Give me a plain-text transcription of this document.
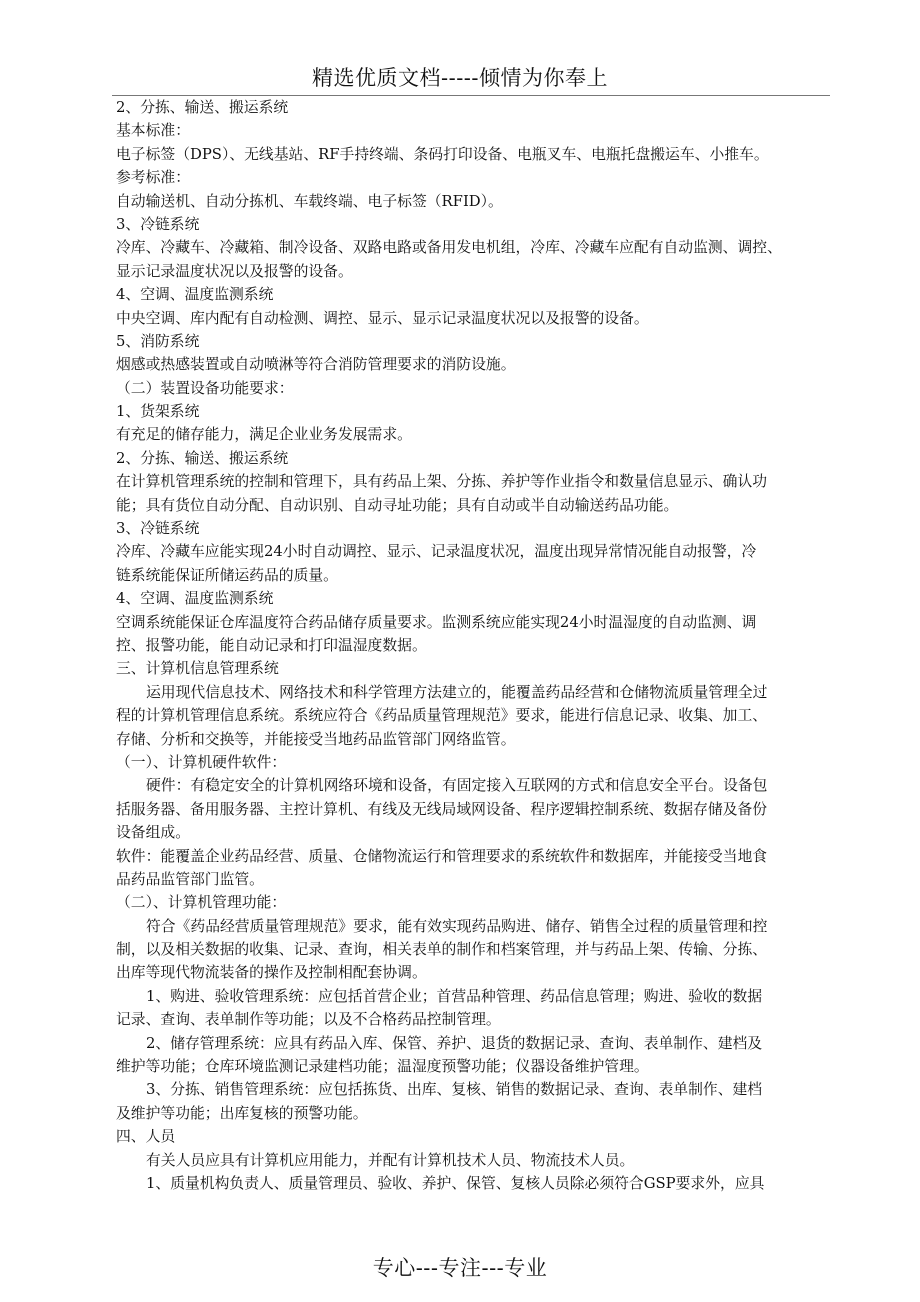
精选优质文档-----倾情为你奉上
2、分拣、输送、搬运系统
基本标准：
电子标签（DPS）、无线基站、RF手持终端、条码打印设备、电瓶叉车、电瓶托盘搬运车、小推车。
参考标准：
自动输送机、自动分拣机、车载终端、电子标签（RFID）。
3、冷链系统
冷库、冷藏车、冷藏箱、制冷设备、双路电路或备用发电机组，冷库、冷藏车应配有自动监测、调控、
显示记录温度状况以及报警的设备。
4、空调、温度监测系统
中央空调、库内配有自动检测、调控、显示、显示记录温度状况以及报警的设备。
5、消防系统
烟感或热感装置或自动喷淋等符合消防管理要求的消防设施。
（二）装置设备功能要求：
1、货架系统
有充足的储存能力，满足企业业务发展需求。
2、分拣、输送、搬运系统
在计算机管理系统的控制和管理下，具有药品上架、分拣、养护等作业指令和数量信息显示、确认功
能；具有货位自动分配、自动识别、自动寻址功能；具有自动或半自动输送药品功能。
3、冷链系统
冷库、冷藏车应能实现24小时自动调控、显示、记录温度状况，温度出现异常情况能自动报警，冷
链系统能保证所储运药品的质量。
4、空调、温度监测系统
空调系统能保证仓库温度符合药品储存质量要求。监测系统应能实现24小时温湿度的自动监测、调
控、报警功能，能自动记录和打印温湿度数据。
三、计算机信息管理系统
运用现代信息技术、网络技术和科学管理方法建立的，能覆盖药品经营和仓储物流质量管理全过
程的计算机管理信息系统。系统应符合《药品质量管理规范》要求，能进行信息记录、收集、加工、
存储、分析和交换等，并能接受当地药品监管部门网络监管。
（一）、计算机硬件软件：
硬件：有稳定安全的计算机网络环境和设备，有固定接入互联网的方式和信息安全平台。设备包
括服务器、备用服务器、主控计算机、有线及无线局域网设备、程序逻辑控制系统、数据存储及备份
设备组成。
软件：能覆盖企业药品经营、质量、仓储物流运行和管理要求的系统软件和数据库，并能接受当地食
品药品监管部门监管。
（二）、计算机管理功能：
符合《药品经营质量管理规范》要求，能有效实现药品购进、储存、销售全过程的质量管理和控
制，以及相关数据的收集、记录、查询，相关表单的制作和档案管理，并与药品上架、传输、分拣、
出库等现代物流装备的操作及控制相配套协调。
1、购进、验收管理系统：应包括首营企业；首营品种管理、药品信息管理；购进、验收的数据
记录、查询、表单制作等功能；以及不合格药品控制管理。
2、储存管理系统：应具有药品入库、保管、养护、退货的数据记录、查询、表单制作、建档及
维护等功能；仓库环境监测记录建档功能；温湿度预警功能；仪器设备维护管理。
3、分拣、销售管理系统：应包括拣货、出库、复核、销售的数据记录、查询、表单制作、建档
及维护等功能；出库复核的预警功能。
四、人员
有关人员应具有计算机应用能力，并配有计算机技术人员、物流技术人员。
1、质量机构负责人、质量管理员、验收、养护、保管、复核人员除必须符合GSP要求外，应具
专心---专注---专业
